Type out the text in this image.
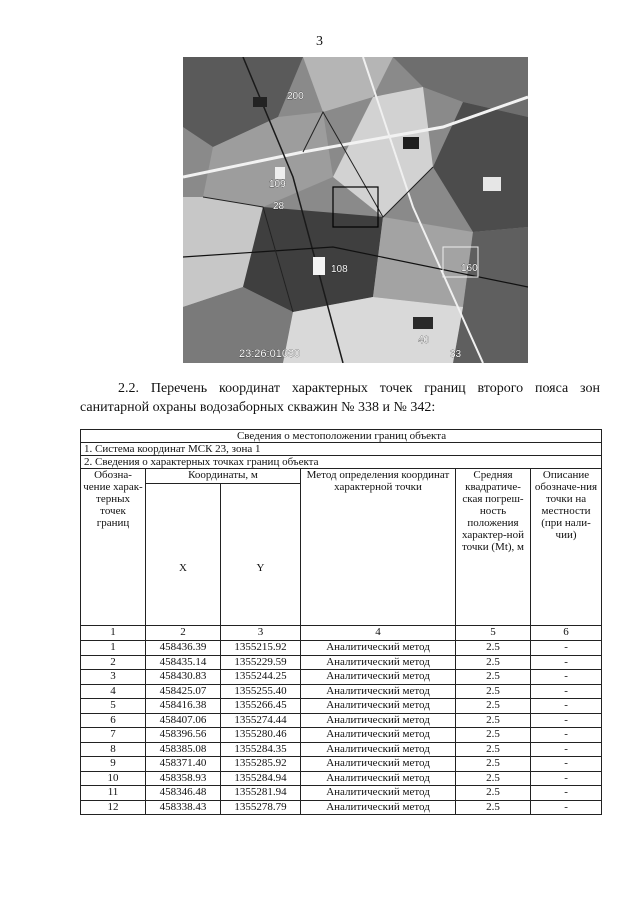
3
200
109
28
108	160
40
33
23:26:01030
2.2. Перечень координат характерных точек границ второго пояса зон санитарной охраны водозаборных скважин № 338 и № 342:
Сведения о местоположении границ объекта					
1. Система координат МСК 23, зона 1					
2. Сведения о характерных точках границ объекта					
Обозна-чение харак-терных точек границ	Координаты, м		Метод определения координат характерной точки	Средняя квадратиче-ская погреш-ность положения характер-ной точки (Mt), м	Описание обозначе-ния точки на местности (при нали-чии)
	X	Y			
1	2	3	4	5	6
1	458436.39	1355215.92	Аналитический метод	2.5	-
2	458435.14	1355229.59	Аналитический метод	2.5	-
3	458430.83	1355244.25	Аналитический метод	2.5	-
4	458425.07	1355255.40	Аналитический метод	2.5	-
5	458416.38	1355266.45	Аналитический метод	2.5	-
6	458407.06	1355274.44	Аналитический метод	2.5	-
7	458396.56	1355280.46	Аналитический метод	2.5	-
8	458385.08	1355284.35	Аналитический метод	2.5	-
9	458371.40	1355285.92	Аналитический метод	2.5	-
10	458358.93	1355284.94	Аналитический метод	2.5	-
11	458346.48	1355281.94	Аналитический метод	2.5	-
12	458338.43	1355278.79	Аналитический метод	2.5	-
